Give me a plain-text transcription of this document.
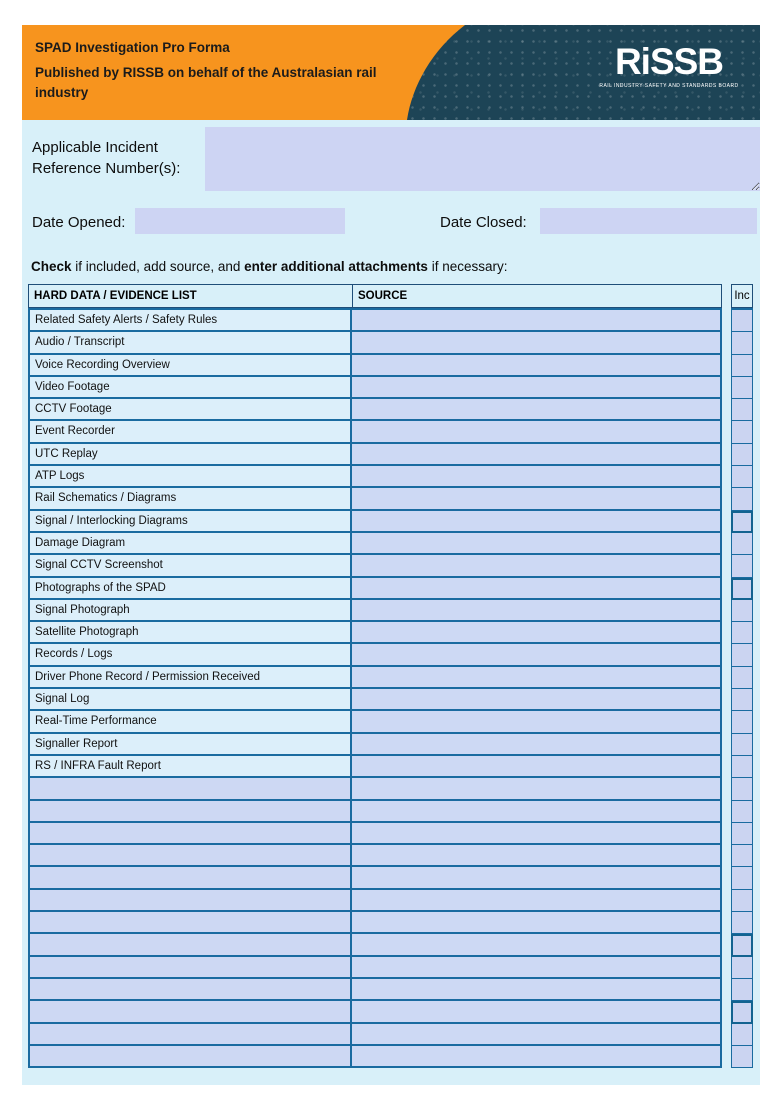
SPAD Investigation Pro Forma
Published by RISSB on behalf of the Australasian rail industry
RiSSB
RAIL INDUSTRY SAFETY AND STANDARDS BOARD
Applicable Incident Reference Number(s):
Date Opened:	Date Closed:
Check if included, add source, and enter additional attachments if necessary:
HARD DATA / EVIDENCE LIST	SOURCE
Related Safety Alerts / Safety Rules
Audio / Transcript
Voice Recording Overview
Video Footage
CCTV Footage
Event Recorder
UTC Replay
ATP Logs
Rail Schematics / Diagrams
Signal / Interlocking Diagrams
Damage Diagram
Signal CCTV Screenshot
Photographs of the SPAD
Signal Photograph
Satellite Photograph
Records / Logs
Driver Phone Record / Permission Received
Signal Log
Real-Time Performance
Signaller Report
RS / INFRA Fault Report
Inc
